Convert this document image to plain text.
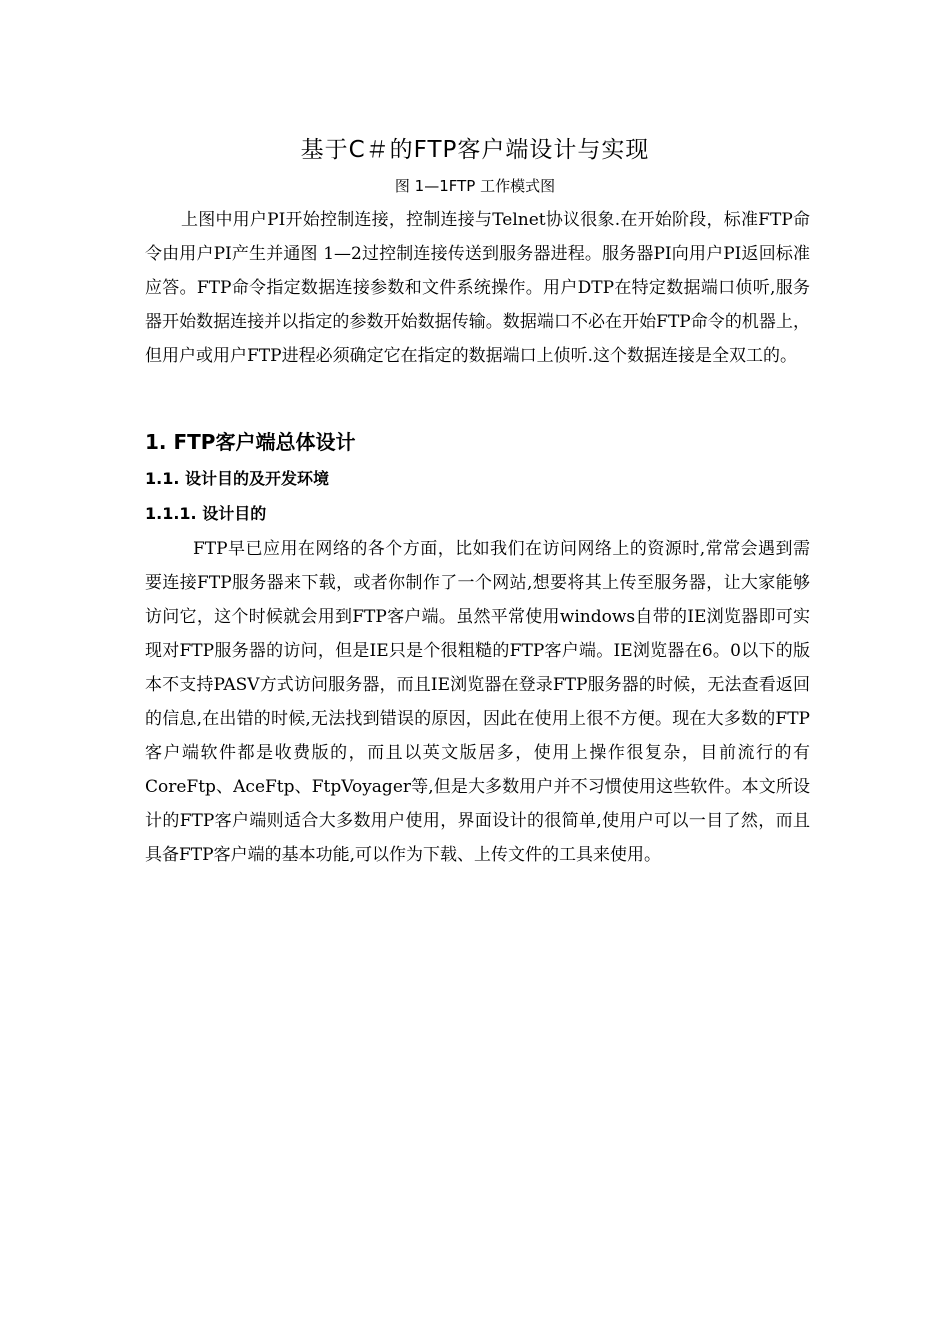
基于C＃的FTP客户端设计与实现
图 1—1FTP 工作模式图

上图中用户PI开始控制连接，控制连接与Telnet协议很象.在开始阶段，标准FTP命令由用户PI产生并通图 1—2过控制连接传送到服务器进程。服务器PI向用户PI返回标准应答。FTP命令指定数据连接参数和文件系统操作。用户DTP在特定数据端口侦听,服务器开始数据连接并以指定的参数开始数据传输。数据端口不必在开始FTP命令的机器上，但用户或用户FTP进程必须确定它在指定的数据端口上侦听.这个数据连接是全双工的。

1. FTP客户端总体设计
1.1. 设计目的及开发环境
1.1.1. 设计目的

FTP早已应用在网络的各个方面，比如我们在访问网络上的资源时,常常会遇到需要连接FTP服务器来下载，或者你制作了一个网站,想要将其上传至服务器，让大家能够访问它，这个时候就会用到FTP客户端。虽然平常使用windows自带的IE浏览器即可实现对FTP服务器的访问，但是IE只是个很粗糙的FTP客户端。IE浏览器在6。0以下的版本不支持PASV方式访问服务器，而且IE浏览器在登录FTP服务器的时候，无法查看返回的信息,在出错的时候,无法找到错误的原因，因此在使用上很不方便。现在大多数的FTP客户端软件都是收费版的，而且以英文版居多，使用上操作很复杂，目前流行的有CoreFtp、AceFtp、FtpVoyager等,但是大多数用户并不习惯使用这些软件。本文所设计的FTP客户端则适合大多数用户使用，界面设计的很简单,使用户可以一目了然，而且具备FTP客户端的基本功能,可以作为下载、上传文件的工具来使用。
